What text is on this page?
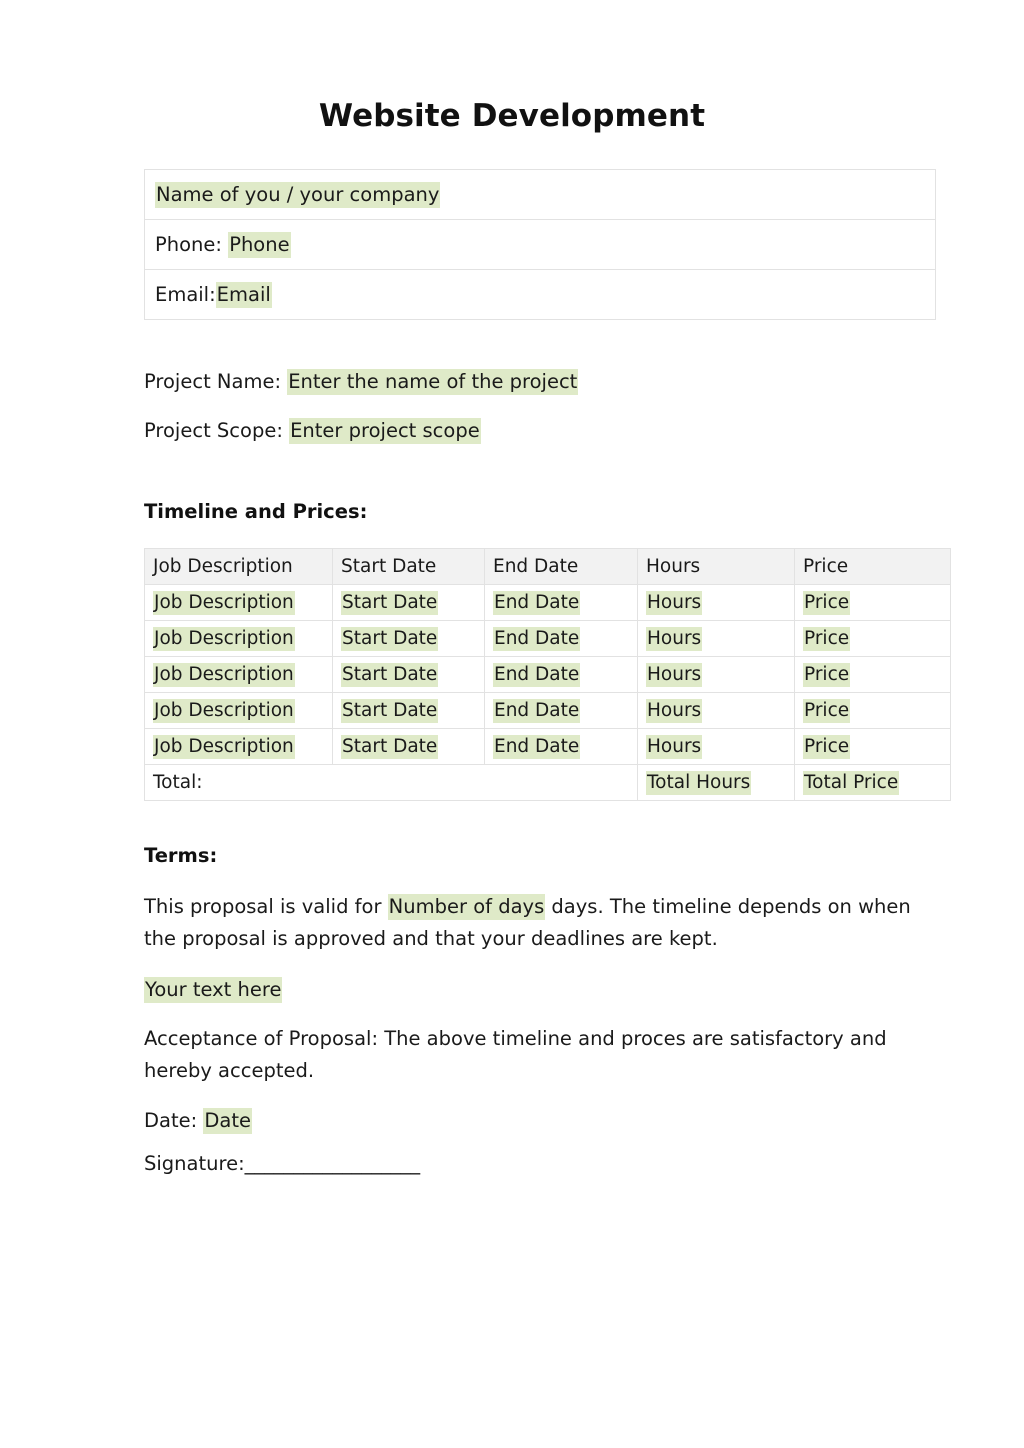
Website Development
Name of you / your company
Phone: Phone
Email:Email
Project Name: Enter the name of the project
Project Scope: Enter project scope
Timeline and Prices:
Job Description	Start Date	End Date	Hours	Price
Job Description	Start Date	End Date	Hours	Price
Job Description	Start Date	End Date	Hours	Price
Job Description	Start Date	End Date	Hours	Price
Job Description	Start Date	End Date	Hours	Price
Job Description	Start Date	End Date	Hours	Price
Total:			Total Hours	Total Price
Terms:
This proposal is valid for Number of days days. The timeline depends on when the proposal is approved and that your deadlines are kept.
Your text here
Acceptance of Proposal: The above timeline and proces are satisfactory and hereby accepted.
Date: Date
Signature:__________________
